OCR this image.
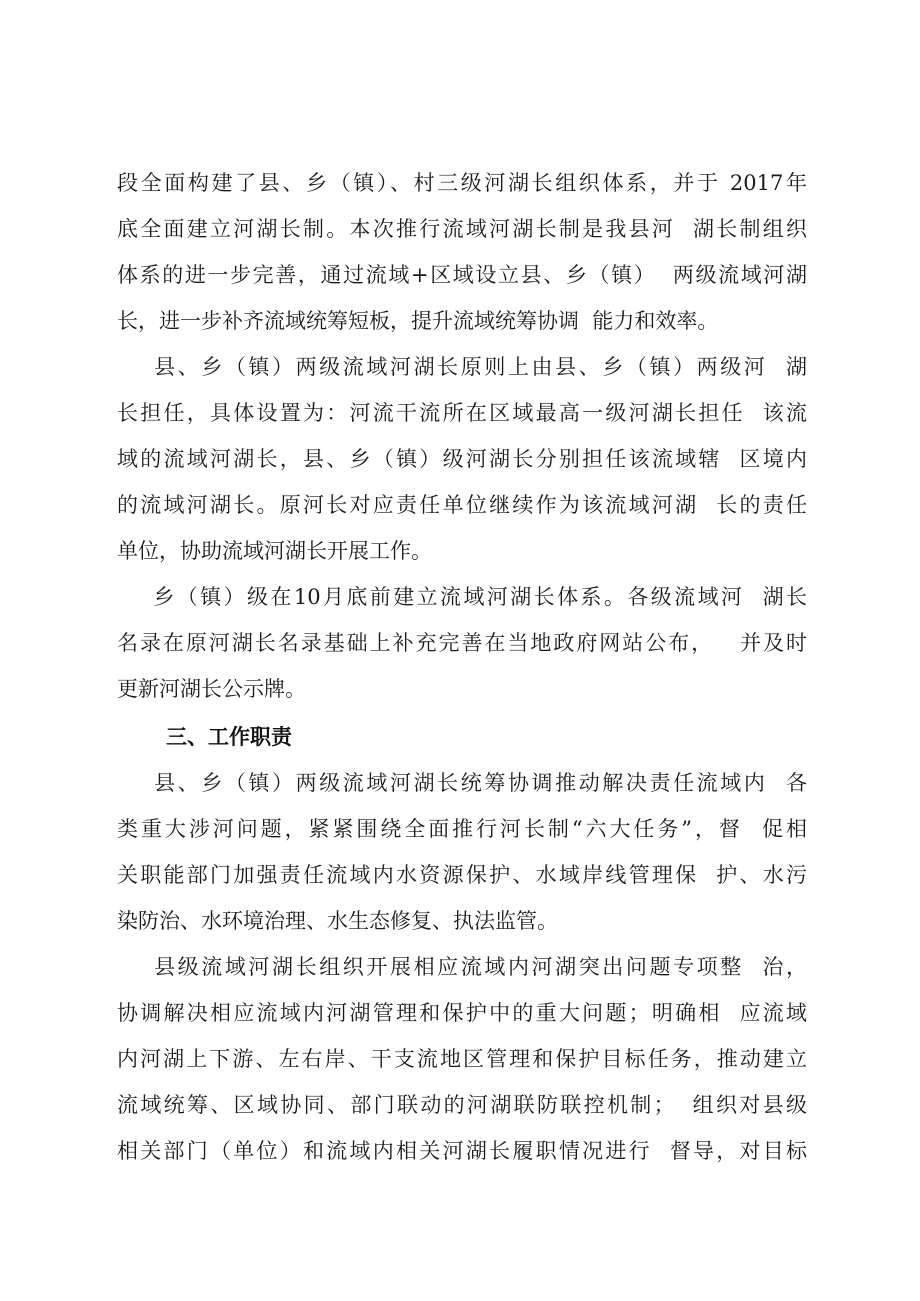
段全面构建了县、乡（镇）、村三级河湖长组织体系，并于 2017年
底全面建立河湖长制。本次推行流域河湖长制是我县河  湖长制组织
体系的进一步完善，通过流域+区域设立县、乡（镇）  两级流域河湖
长，进一步补齐流域统筹短板，提升流域统筹协调  能力和效率。
县、乡（镇）两级流域河湖长原则上由县、乡（镇）两级河  湖
长担任，具体设置为：河流干流所在区域最高一级河湖长担任  该流
域的流域河湖长，县、乡（镇）级河湖长分别担任该流域辖  区境内
的流域河湖长。原河长对应责任单位继续作为该流域河湖  长的责任
单位，协助流域河湖长开展工作。
乡（镇）级在10月底前建立流域河湖长体系。各级流域河  湖长
名录在原河湖长名录基础上补充完善在当地政府网站公布，   并及时
更新河湖长公示牌。
三、工作职责
县、乡（镇）两级流域河湖长统筹协调推动解决责任流域内  各
类重大涉河问题，紧紧围绕全面推行河长制“六大任务”，督  促相
关职能部门加强责任流域内水资源保护、水域岸线管理保  护、水污
染防治、水环境治理、水生态修复、执法监管。
县级流域河湖长组织开展相应流域内河湖突出问题专项整  治，
协调解决相应流域内河湖管理和保护中的重大问题；明确相  应流域
内河湖上下游、左右岸、干支流地区管理和保护目标任务，推动建立
流域统筹、区域协同、部门联动的河湖联防联控机制；  组织对县级
相关部门（单位）和流域内相关河湖长履职情况进行  督导，对目标
